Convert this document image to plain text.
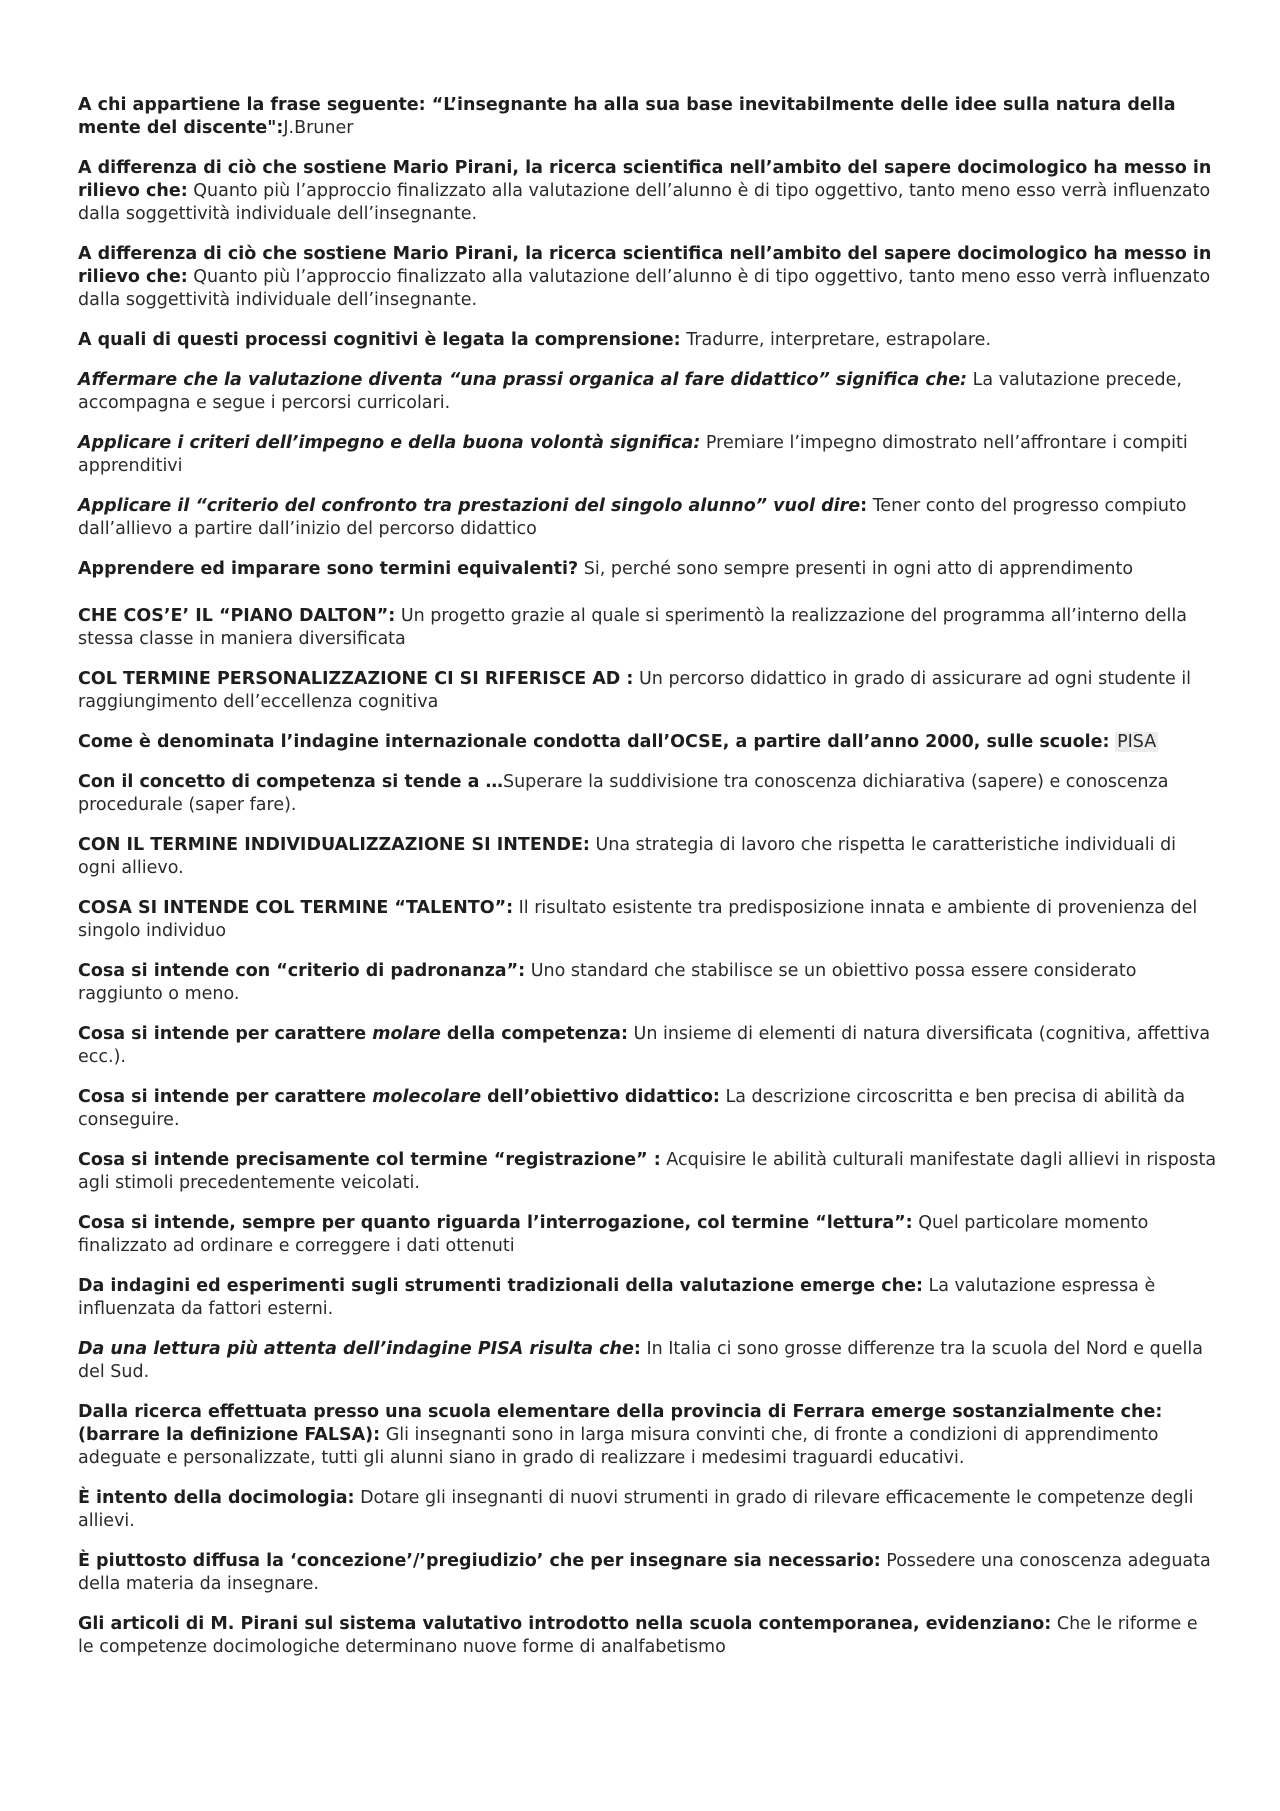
A chi appartiene la frase seguente: “L’insegnante ha alla sua base inevitabilmente delle idee sulla natura della mente del discente":J.Bruner

A differenza di ciò che sostiene Mario Pirani, la ricerca scientifica nell’ambito del sapere docimologico ha messo in rilievo che: Quanto più l’approccio finalizzato alla valutazione dell’alunno è di tipo oggettivo, tanto meno esso verrà influenzato dalla soggettività individuale dell’insegnante.

A differenza di ciò che sostiene Mario Pirani, la ricerca scientifica nell’ambito del sapere docimologico ha messo in rilievo che: Quanto più l’approccio finalizzato alla valutazione dell’alunno è di tipo oggettivo, tanto meno esso verrà influenzato dalla soggettività individuale dell’insegnante.

A quali di questi processi cognitivi è legata la comprensione: Tradurre, interpretare, estrapolare.

Affermare che la valutazione diventa “una prassi organica al fare didattico” significa che: La valutazione precede, accompagna e segue i percorsi curricolari.

Applicare i criteri dell’impegno e della buona volontà significa: Premiare l’impegno dimostrato nell’affrontare i compiti apprenditivi

Applicare il “criterio del confronto tra prestazioni del singolo alunno” vuol dire: Tener conto del progresso compiuto dall’allievo a partire dall’inizio del percorso didattico

Apprendere ed imparare sono termini equivalenti? Si, perché sono sempre presenti in ogni atto di apprendimento

CHE COS’E’ IL “PIANO DALTON”: Un progetto grazie al quale si sperimentò la realizzazione del programma all’interno della stessa classe in maniera diversificata

COL TERMINE PERSONALIZZAZIONE CI SI RIFERISCE AD : Un percorso didattico in grado di assicurare ad ogni studente il raggiungimento dell’eccellenza cognitiva

Come è denominata l’indagine internazionale condotta dall’OCSE, a partire dall’anno 2000, sulle scuole: PISA

Con il concetto di competenza si tende a …Superare la suddivisione tra conoscenza dichiarativa (sapere) e conoscenza procedurale (saper fare).

CON IL TERMINE INDIVIDUALIZZAZIONE SI INTENDE: Una strategia di lavoro che rispetta le caratteristiche individuali di ogni allievo.

COSA SI INTENDE COL TERMINE “TALENTO”: Il risultato esistente tra predisposizione innata e ambiente di provenienza del singolo individuo

Cosa si intende con “criterio di padronanza”: Uno standard che stabilisce se un obiettivo possa essere considerato raggiunto o meno.

Cosa si intende per carattere molare della competenza: Un insieme di elementi di natura diversificata (cognitiva, affettiva ecc.).

Cosa si intende per carattere molecolare dell’obiettivo didattico: La descrizione circoscritta e ben precisa di abilità da conseguire.

Cosa si intende precisamente col termine “registrazione” : Acquisire le abilità culturali manifestate dagli allievi in risposta agli stimoli precedentemente veicolati.

Cosa si intende, sempre per quanto riguarda l’interrogazione, col termine “lettura”: Quel particolare momento finalizzato ad ordinare e correggere i dati ottenuti

Da indagini ed esperimenti sugli strumenti tradizionali della valutazione emerge che: La valutazione espressa è influenzata da fattori esterni.

Da una lettura più attenta dell’indagine PISA risulta che: In Italia ci sono grosse differenze tra la scuola del Nord e quella del Sud.

Dalla ricerca effettuata presso una scuola elementare della provincia di Ferrara emerge sostanzialmente che: (barrare la definizione FALSA): Gli insegnanti sono in larga misura convinti che, di fronte a condizioni di apprendimento adeguate e personalizzate, tutti gli alunni siano in grado di realizzare i medesimi traguardi educativi.

È intento della docimologia: Dotare gli insegnanti di nuovi strumenti in grado di rilevare efficacemente le competenze degli allievi.

È piuttosto diffusa la ‘concezione’/’pregiudizio’ che per insegnare sia necessario: Possedere una conoscenza adeguata della materia da insegnare.

Gli articoli di M. Pirani sul sistema valutativo introdotto nella scuola contemporanea, evidenziano: Che le riforme e le competenze docimologiche determinano nuove forme di analfabetismo
